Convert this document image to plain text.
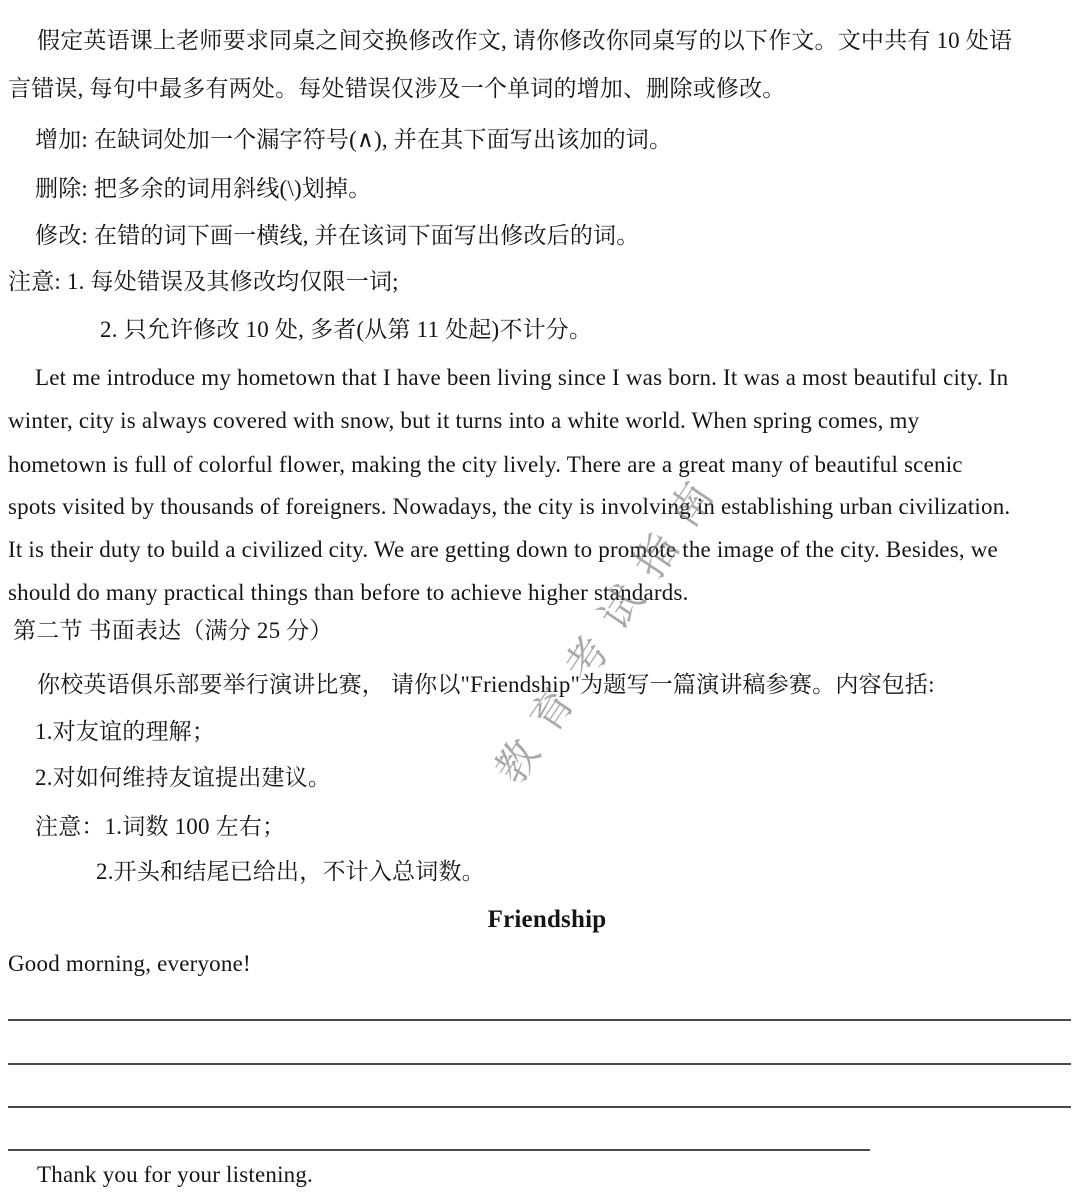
假定英语课上老师要求同桌之间交换修改作文, 请你修改你同桌写的以下作文。文中共有 10 处语
言错误, 每句中最多有两处。每处错误仅涉及一个单词的增加、删除或修改。
增加: 在缺词处加一个漏字符号(∧), 并在其下面写出该加的词。
删除: 把多余的词用斜线(\)划掉。
修改: 在错的词下画一横线, 并在该词下面写出修改后的词。
注意: 1. 每处错误及其修改均仅限一词;
2. 只允许修改 10 处, 多者(从第 11 处起)不计分。
Let me introduce my hometown that I have been living since I was born. It was a most beautiful city. In
winter, city is always covered with snow, but it turns into a white world. When spring comes, my
hometown is full of colorful flower, making the city lively. There are a great many of beautiful scenic
spots visited by thousands of foreigners. Nowadays, the city is involving in establishing urban civilization.
It is their duty to build a civilized city. We are getting down to promote the image of the city. Besides, we
should do many practical things than before to achieve higher standards.
第二节 书面表达（满分 25 分）
你校英语俱乐部要举行演讲比赛， 请你以"Friendship"为题写一篇演讲稿参赛。内容包括:
1.对友谊的理解；
2.对如何维持友谊提出建议。
注意：1.词数 100 左右；
2.开头和结尾已给出，不计入总词数。
Friendship
Good morning, everyone!
Thank you for your listening.
教育考试指南
